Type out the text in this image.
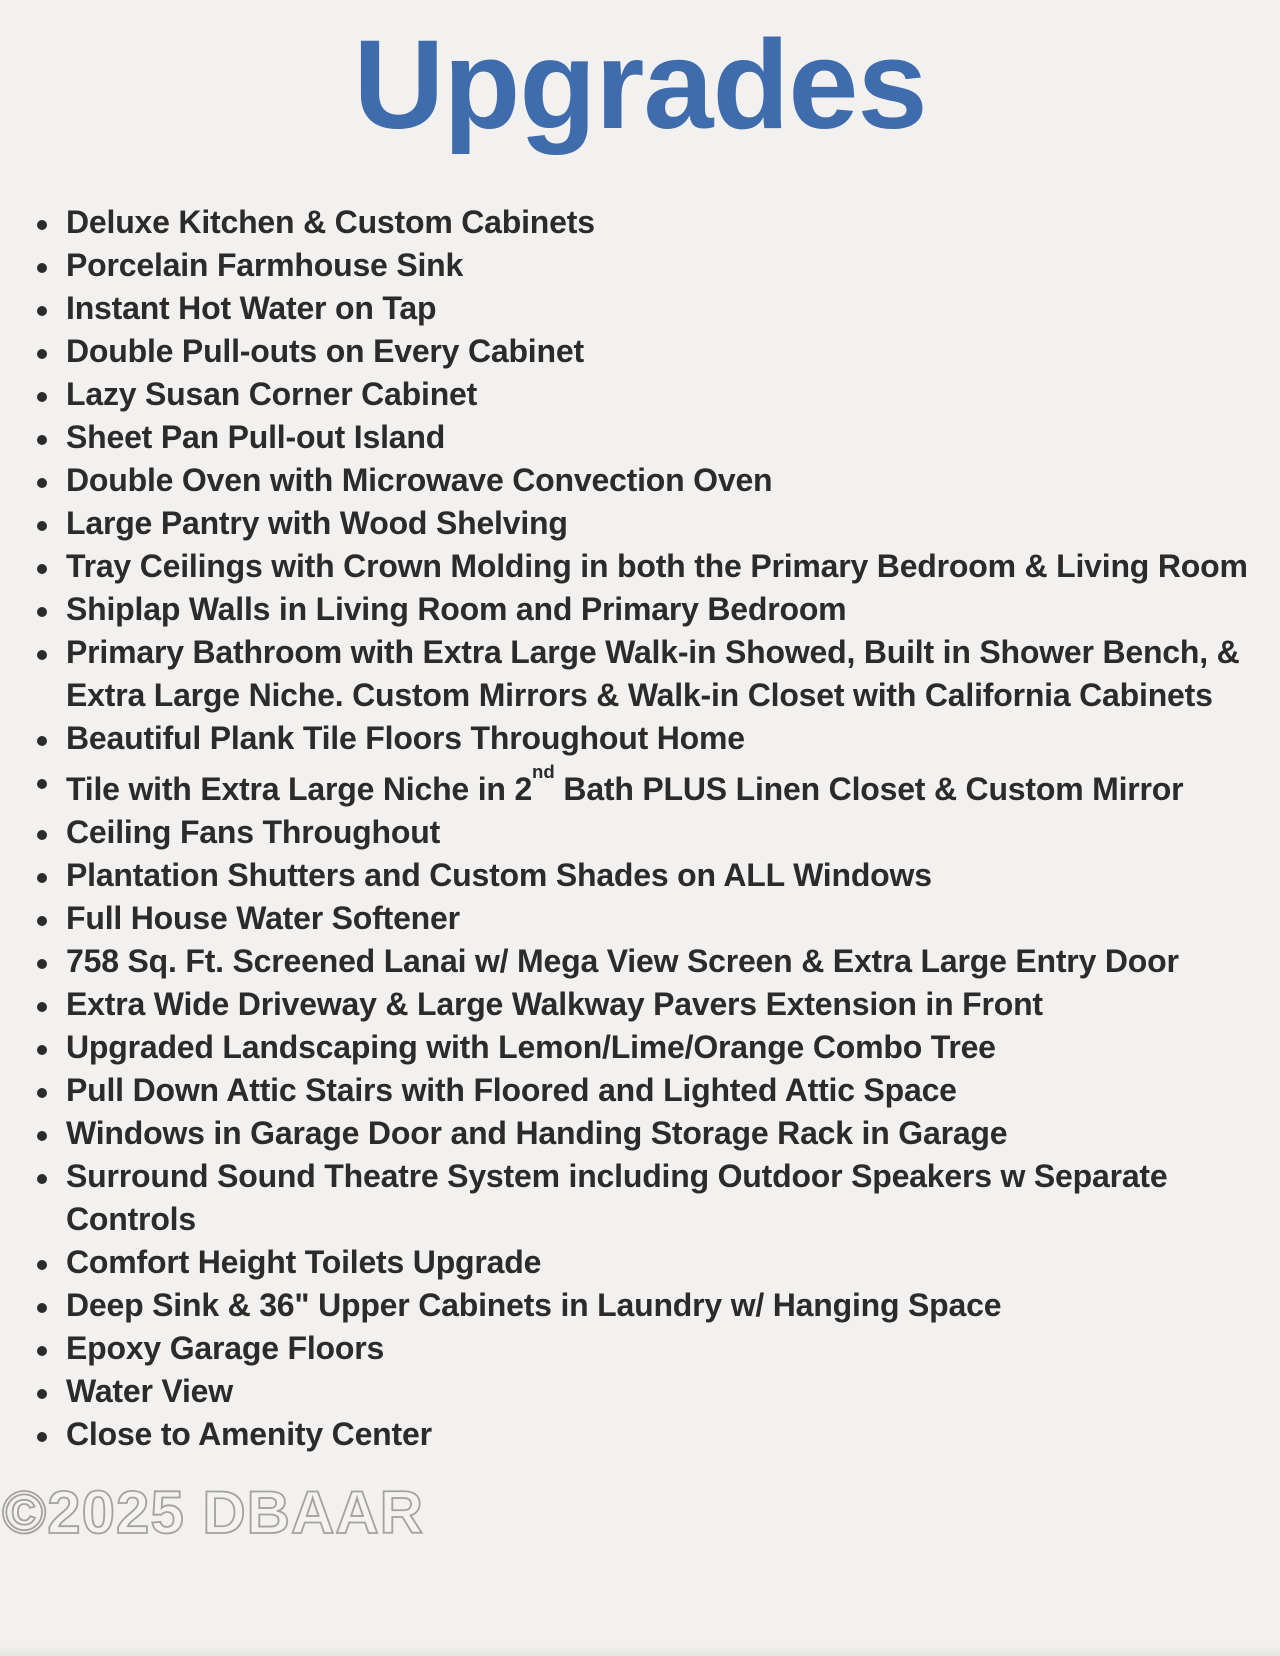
Upgrades
Deluxe Kitchen & Custom Cabinets
Porcelain Farmhouse Sink
Instant Hot Water on Tap
Double Pull-outs on Every Cabinet
Lazy Susan Corner Cabinet
Sheet Pan Pull-out Island
Double Oven with Microwave Convection Oven
Large Pantry with Wood Shelving
Tray Ceilings with Crown Molding in both the Primary Bedroom & Living Room
Shiplap Walls in Living Room and Primary Bedroom
Primary Bathroom with Extra Large Walk-in Showed, Built in Shower Bench, & Extra Large Niche. Custom Mirrors & Walk-in Closet with California Cabinets
Beautiful Plank Tile Floors Throughout Home
Tile with Extra Large Niche in 2nd Bath PLUS Linen Closet & Custom Mirror
Ceiling Fans Throughout
Plantation Shutters and Custom Shades on ALL Windows
Full House Water Softener
758 Sq. Ft. Screened Lanai w/ Mega View Screen & Extra Large Entry Door
Extra Wide Driveway & Large Walkway Pavers Extension in Front
Upgraded Landscaping with Lemon/Lime/Orange Combo Tree
Pull Down Attic Stairs with Floored and Lighted Attic Space
Windows in Garage Door and Handing Storage Rack in Garage
Surround Sound Theatre System including Outdoor Speakers w Separate Controls
Comfort Height Toilets Upgrade
Deep Sink & 36" Upper Cabinets in Laundry w/ Hanging Space
Epoxy Garage Floors
Water View
Close to Amenity Center
©2025 DBAAR
